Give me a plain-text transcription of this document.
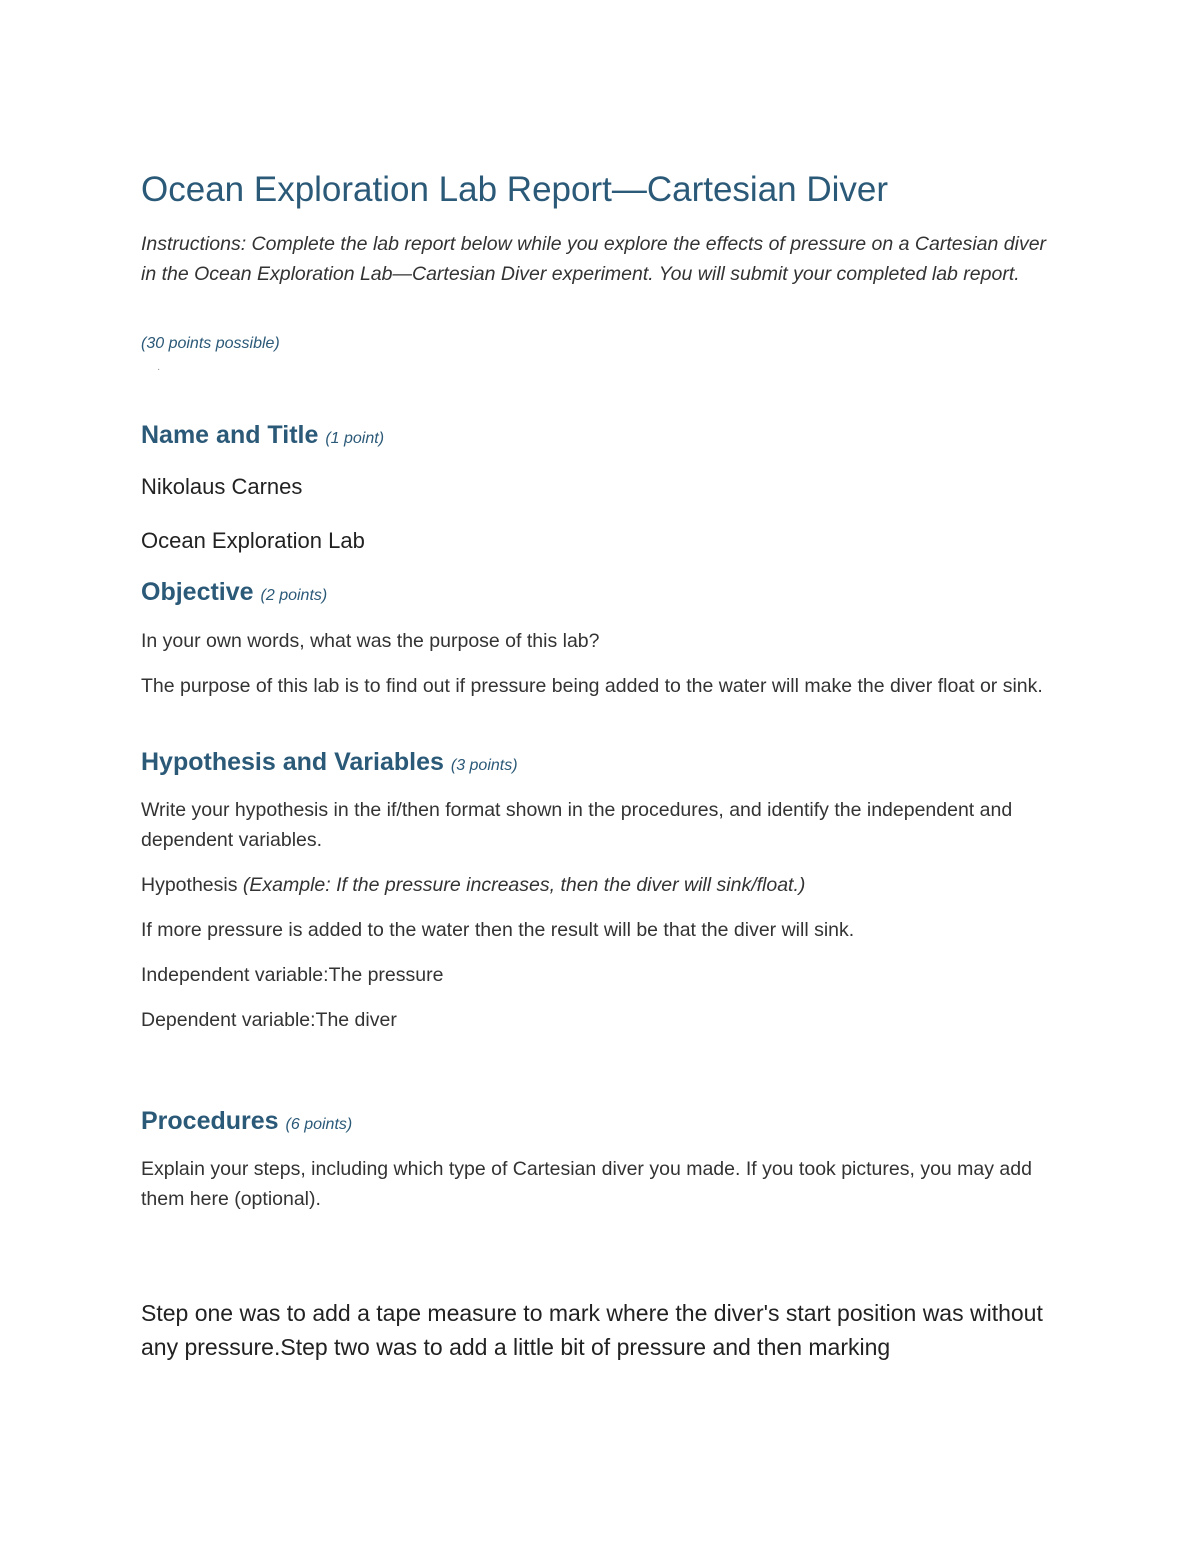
Ocean Exploration Lab Report—Cartesian Diver

Instructions: Complete the lab report below while you explore the effects of pressure on a Cartesian diver in the Ocean Exploration Lab—Cartesian Diver experiment. You will submit your completed lab report.

(30 points possible)

·
Name and Title (1 point)

Nikolaus Carnes

Ocean Exploration Lab

Objective (2 points)

In your own words, what was the purpose of this lab?

The purpose of this lab is to find out if pressure being added to the water will make the diver float or sink.

Hypothesis and Variables (3 points)

Write your hypothesis in the if/then format shown in the procedures, and identify the independent and dependent variables.

Hypothesis (Example: If the pressure increases, then the diver will sink/float.)

If more pressure is added to the water then the result will be that the diver will sink.

Independent variable:The pressure

Dependent variable:The diver

Procedures (6 points)

Explain your steps, including which type of Cartesian diver you made. If you took pictures, you may add them here (optional).

Step one was to add a tape measure to mark where the diver's start position was without any pressure.Step two was to add a little bit of pressure and then marking
